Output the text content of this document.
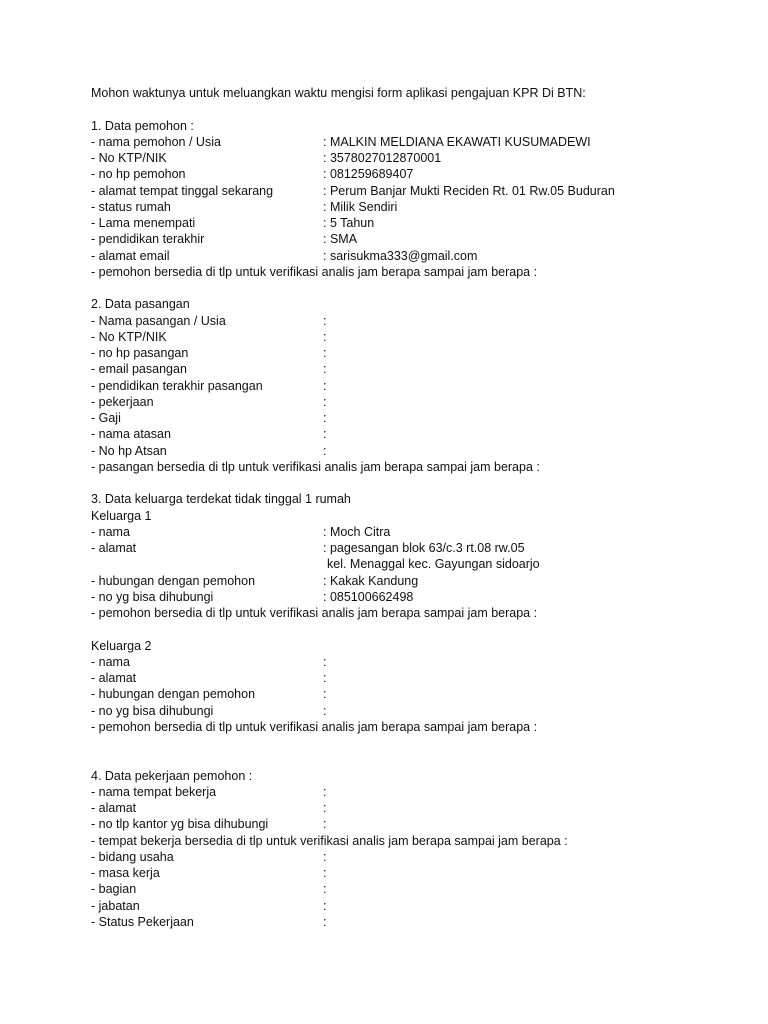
Mohon waktunya untuk meluangkan waktu mengisi form aplikasi pengajuan KPR Di BTN:
1. Data pemohon :
- nama pemohon / Usia	: MALKIN MELDIANA EKAWATI KUSUMADEWI
- No KTP/NIK	: 3578027012870001
- no hp pemohon	: 081259689407
- alamat tempat tinggal sekarang	: Perum Banjar Mukti Reciden Rt. 01 Rw.05 Buduran
- status rumah	: Milik Sendiri
- Lama menempati	: 5 Tahun
- pendidikan terakhir	: SMA
- alamat email	: sarisukma333@gmail.com
- pemohon bersedia di tlp untuk verifikasi analis jam berapa sampai jam berapa :
2. Data pasangan
- Nama pasangan / Usia	:
- No KTP/NIK	:
- no hp pasangan	:
- email pasangan	:
- pendidikan terakhir pasangan	:
- pekerjaan	:
- Gaji	:
- nama atasan	:
- No hp Atsan	:
- pasangan bersedia di tlp untuk verifikasi analis jam berapa sampai jam berapa :
3. Data keluarga terdekat tidak tinggal 1 rumah
Keluarga 1
- nama	: Moch Citra
- alamat	: pagesangan blok 63/c.3 rt.08 rw.05
kel. Menaggal kec. Gayungan sidoarjo
- hubungan dengan pemohon	: Kakak Kandung
- no yg bisa dihubungi	: 085100662498
- pemohon bersedia di tlp untuk verifikasi analis jam berapa sampai jam berapa :
Keluarga 2
- nama	:
- alamat	:
- hubungan dengan pemohon	:
- no yg bisa dihubungi	:
- pemohon bersedia di tlp untuk verifikasi analis jam berapa sampai jam berapa :
4. Data pekerjaan pemohon :
- nama tempat bekerja	:
- alamat	:
- no tlp kantor yg bisa dihubungi	:
- tempat bekerja bersedia di tlp untuk verifikasi analis jam berapa sampai jam berapa :
- bidang usaha	:
- masa kerja	:
- bagian	:
- jabatan	:
- Status Pekerjaan	:
